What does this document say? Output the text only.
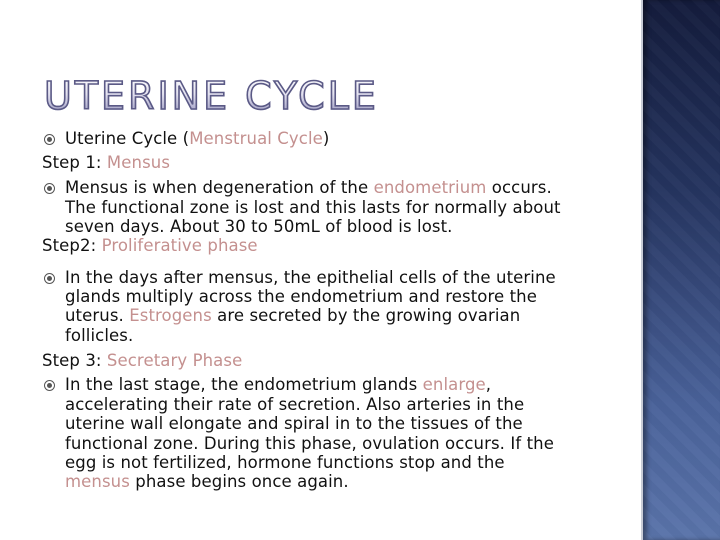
UTERINE CYCLE
Uterine Cycle (Menstrual Cycle)
Step 1: Mensus
Mensus is when degeneration of the endometrium occurs.
The functional zone is lost and this lasts for normally about
seven days. About 30 to 50mL of blood is lost.
Step2: Proliferative phase
In the days after mensus, the epithelial cells of the uterine
glands multiply across the endometrium and restore the
uterus. Estrogens are secreted by the growing ovarian
follicles.
Step 3: Secretary Phase
In the last stage, the endometrium glands enlarge,
accelerating their rate of secretion. Also arteries in the
uterine wall elongate and spiral in to the tissues of the
functional zone. During this phase, ovulation occurs. If the
egg is not fertilized, hormone functions stop and the
mensus phase begins once again.
